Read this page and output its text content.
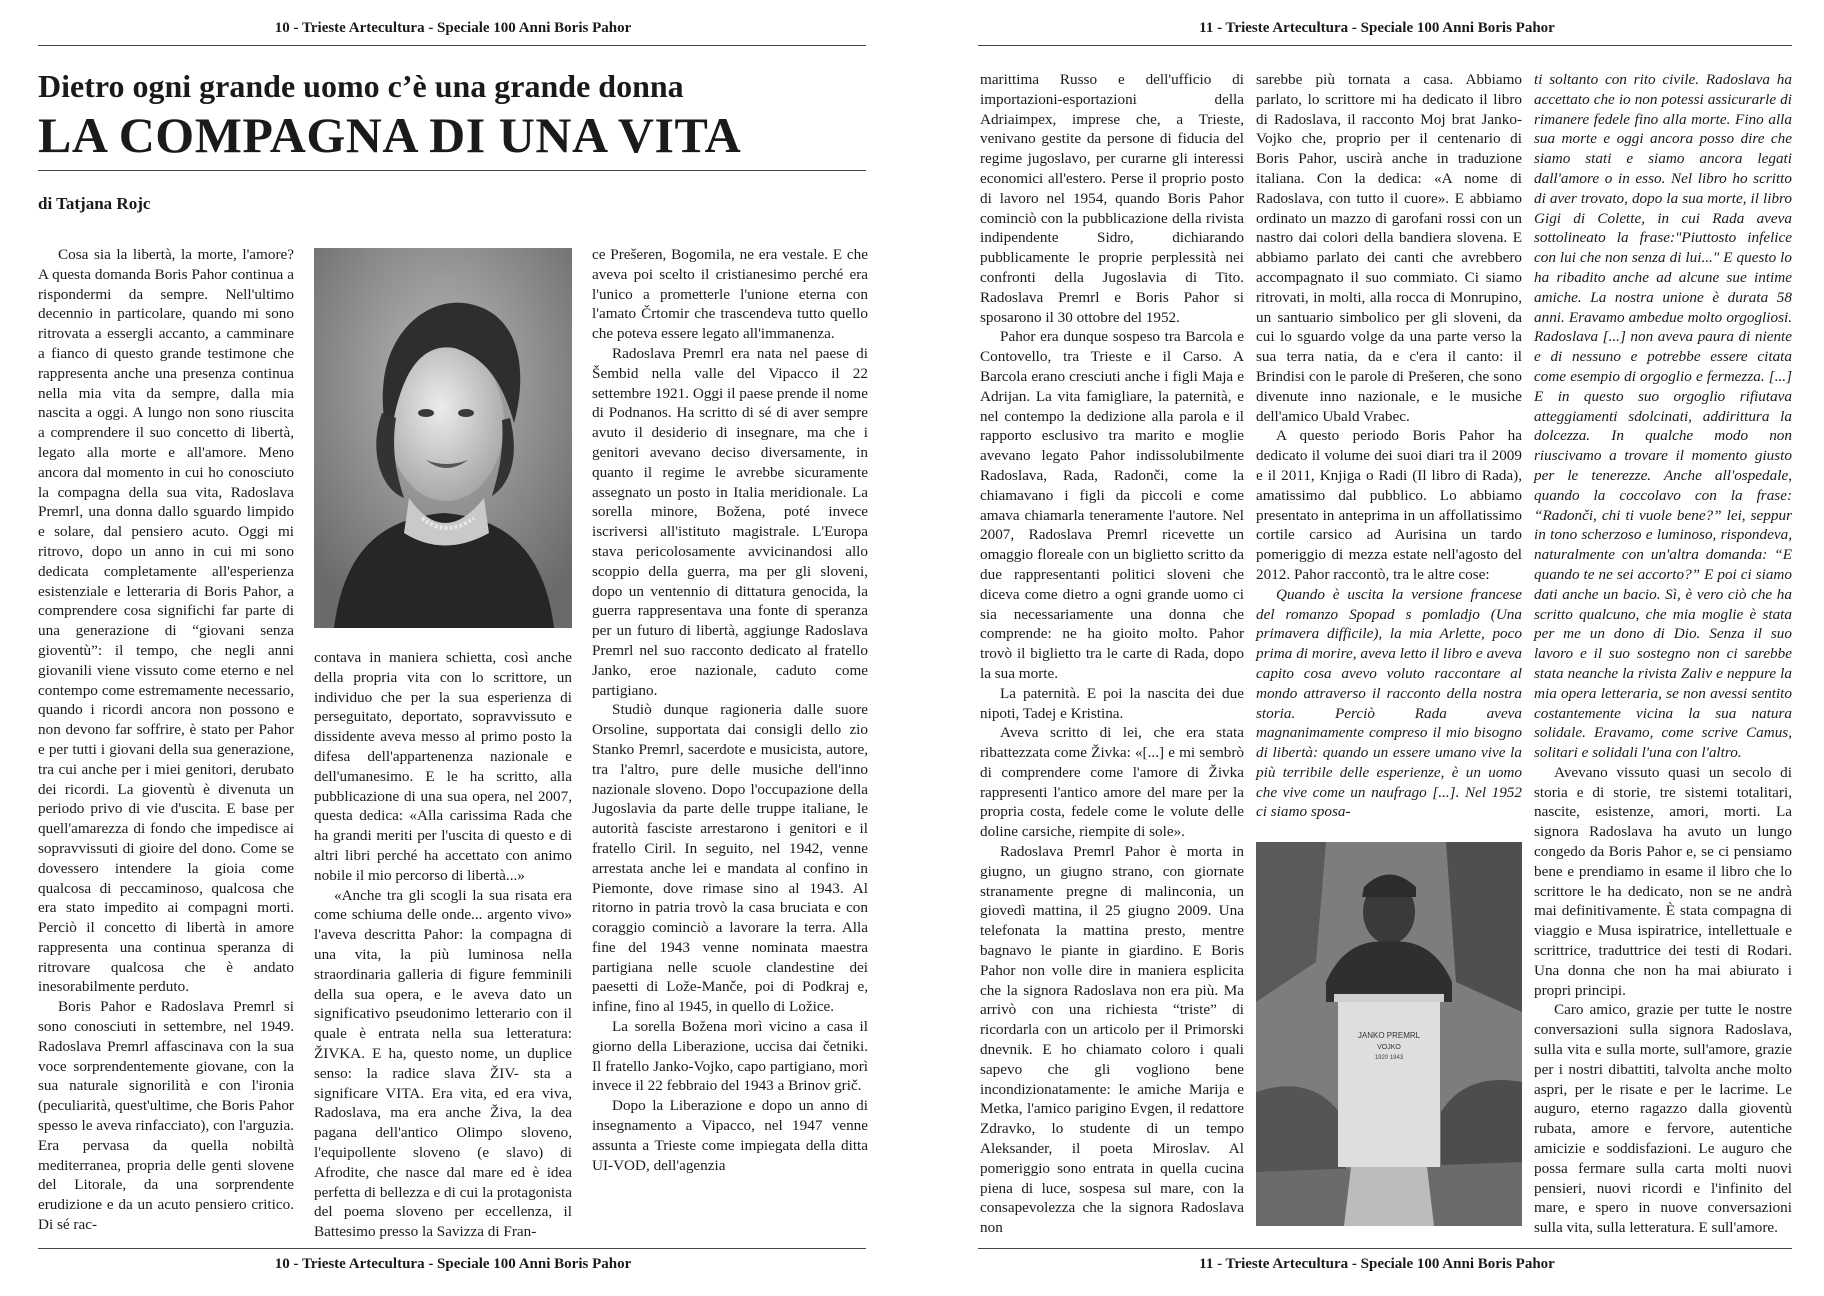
10 - Trieste Artecultura - Speciale 100 Anni Boris Pahor
Dietro ogni grande uomo c’è una grande donna
LA COMPAGNA DI UNA VITA
di Tatjana Rojc

Cosa sia la libertà, la morte, l'amore? A questa domanda Boris Pahor continua a rispondermi da sempre. Nell'ultimo decennio in particolare, quando mi sono ritrovata a essergli accanto, a camminare a fianco di questo grande testimone che rappresenta anche una presenza continua nella mia vita da sempre, dalla mia nascita a oggi. A lungo non sono riuscita a comprendere il suo concetto di libertà, legato alla morte e all'amore. Meno ancora dal momento in cui ho conosciuto la compagna della sua vita, Radoslava Premrl, una donna dallo sguardo limpido e solare, dal pensiero acuto. Oggi mi ritrovo, dopo un anno in cui mi sono dedicata completamente all'esperienza esistenziale e letteraria di Boris Pahor, a comprendere cosa significhi far parte di una generazione di “giovani senza gioventù”: il tempo, che negli anni giovanili viene vissuto come eterno e nel contempo come estremamente necessario, quando i ricordi ancora non possono e non devono far soffrire, è stato per Pahor e per tutti i giovani della sua generazione, tra cui anche per i miei genitori, derubato dei ricordi. La gioventù è divenuta un periodo privo di vie d'uscita. E base per quell'amarezza di fondo che impedisce ai sopravvissuti di gioire del dono. Come se dovessero intendere la gioia come qualcosa di peccaminoso, qualcosa che era stato impedito ai compagni morti. Perciò il concetto di libertà in amore rappresenta una continua speranza di ritrovare qualcosa che è andato inesorabilmente perduto.

Boris Pahor e Radoslava Premrl si sono conosciuti in settembre, nel 1949. Radoslava Premrl affascinava con la sua voce sorprendentemente giovane, con la sua naturale signorilità e con l'ironia (peculiarità, quest'ultime, che Boris Pahor spesso le aveva rinfacciato), con l'arguzia. Era pervasa da quella nobiltà mediterranea, propria delle genti slovene del Litorale, da una sorprendente erudizione e da un acuto pensiero critico. Di sé rac-

contava in maniera schietta, così anche della propria vita con lo scrittore, un individuo che per la sua esperienza di perseguitato, deportato, sopravvissuto e dissidente aveva messo al primo posto la difesa dell'appartenenza nazionale e dell'umanesimo. E le ha scritto, alla pubblicazione di una sua opera, nel 2007, questa dedica: «Alla carissima Rada che ha grandi meriti per l'uscita di questo e di altri libri perché ha accettato con animo nobile il mio percorso di libertà...»

«Anche tra gli scogli la sua risata era come schiuma delle onde... argento vivo» l'aveva descritta Pahor: la compagna di una vita, la più luminosa nella straordinaria galleria di figure femminili della sua opera, e le aveva dato un significativo pseudonimo letterario con il quale è entrata nella sua letteratura: ŽIVKA. E ha, questo nome, un duplice senso: la radice slava ŽIV- sta a significare VITA. Era vita, ed era viva, Radoslava, ma era anche Živa, la dea pagana dell'antico Olimpo sloveno, l'equipollente sloveno (e slavo) di Afrodite, che nasce dal mare ed è idea perfetta di bellezza e di cui la protagonista del poema sloveno per eccellenza, il Battesimo presso la Savizza di Fran-

ce Prešeren, Bogomila, ne era vestale. E che aveva poi scelto il cristianesimo perché era l'unico a prometterle l'unione eterna con l'amato Črtomir che trascendeva tutto quello che poteva essere legato all'immanenza.

Radoslava Premrl era nata nel paese di Šembid nella valle del Vipacco il 22 settembre 1921. Oggi il paese prende il nome di Podnanos. Ha scritto di sé di aver sempre avuto il desiderio di insegnare, ma che i genitori avevano deciso diversamente, in quanto il regime le avrebbe sicuramente assegnato un posto in Italia meridionale. La sorella minore, Božena, poté invece iscriversi all'istituto magistrale. L'Europa stava pericolosamente avvicinandosi allo scoppio della guerra, ma per gli sloveni, dopo un ventennio di dittatura genocida, la guerra rappresentava una fonte di speranza per un futuro di libertà, aggiunge Radoslava Premrl nel suo racconto dedicato al fratello Janko, eroe nazionale, caduto come partigiano.

Studiò dunque ragioneria dalle suore Orsoline, supportata dai consigli dello zio Stanko Premrl, sacerdote e musicista, autore, tra l'altro, pure delle musiche dell'inno nazionale sloveno. Dopo l'occupazione della Jugoslavia da parte delle truppe italiane, le autorità fasciste arrestarono i genitori e il fratello Ciril. In seguito, nel 1942, venne arrestata anche lei e mandata al confino in Piemonte, dove rimase sino al 1943. Al ritorno in patria trovò la casa bruciata e con coraggio cominciò a lavorare la terra. Alla fine del 1943 venne nominata maestra partigiana nelle scuole clandestine dei paesetti di Lože-Manče, poi di Podkraj e, infine, fino al 1945, in quello di Ložice.

La sorella Božena morì vicino a casa il giorno della Liberazione, uccisa dai četniki. Il fratello Janko-Vojko, capo partigiano, morì invece il 22 febbraio del 1943 a Brinov grič.

Dopo la Liberazione e dopo un anno di insegnamento a Vipacco, nel 1947 venne assunta a Trieste come impiegata della ditta UI-VOD, dell'agenzia

10 - Trieste Artecultura - Speciale 100 Anni Boris Pahor
11 - Trieste Artecultura - Speciale 100 Anni Boris Pahor

marittima Russo e dell'ufficio di importazioni-esportazioni della Adriaimpex, imprese che, a Trieste, venivano gestite da persone di fiducia del regime jugoslavo, per curarne gli interessi economici all'estero. Perse il proprio posto di lavoro nel 1954, quando Boris Pahor cominciò con la pubblicazione della rivista indipendente Sidro, dichiarando pubblicamente le proprie perplessità nei confronti della Jugoslavia di Tito. Radoslava Premrl e Boris Pahor si sposarono il 30 ottobre del 1952.

Pahor era dunque sospeso tra Barcola e Contovello, tra Trieste e il Carso. A Barcola erano cresciuti anche i figli Maja e Adrijan. La vita famigliare, la paternità, e nel contempo la dedizione alla parola e il rapporto esclusivo tra marito e moglie avevano legato Pahor indissolubilmente Radoslava, Rada, Radonči, come la chiamavano i figli da piccoli e come amava chiamarla teneramente l'autore. Nel 2007, Radoslava Premrl ricevette un omaggio floreale con un biglietto scritto da due rappresentanti politici sloveni che diceva come dietro a ogni grande uomo ci sia necessariamente una donna che comprende: ne ha gioito molto. Pahor trovò il biglietto tra le carte di Rada, dopo la sua morte.

La paternità. E poi la nascita dei due nipoti, Tadej e Kristina.

Aveva scritto di lei, che era stata ribattezzata come Živka: «[...] e mi sembrò di comprendere come l'amore di Živka rappresenti l'antico amore del mare per la propria costa, fedele come le volute delle doline carsiche, riempite di sole».

Radoslava Premrl Pahor è morta in giugno, un giugno strano, con giornate stranamente pregne di malinconia, un giovedì mattina, il 25 giugno 2009. Una telefonata la mattina presto, mentre bagnavo le piante in giardino. E Boris Pahor non volle dire in maniera esplicita che la signora Radoslava non era più. Ma arrivò con una richiesta “triste” di ricordarla con un articolo per il Primorski dnevnik. E ho chiamato coloro i quali sapevo che gli vogliono bene incondizionatamente: le amiche Marija e Metka, l'amico parigino Evgen, il redattore Zdravko, lo studente di un tempo Aleksander, il poeta Miroslav. Al pomeriggio sono entrata in quella cucina piena di luce, sospesa sul mare, con la consapevolezza che la signora Radoslava non

sarebbe più tornata a casa. Abbiamo parlato, lo scrittore mi ha dedicato il libro di Radoslava, il racconto Moj brat Janko-Vojko che, proprio per il centenario di Boris Pahor, uscirà anche in traduzione italiana. Con la dedica: «A nome di Radoslava, con tutto il cuore». E abbiamo ordinato un mazzo di garofani rossi con un nastro dai colori della bandiera slovena. E abbiamo parlato dei canti che avrebbero accompagnato il suo commiato. Ci siamo ritrovati, in molti, alla rocca di Monrupino, un santuario simbolico per gli sloveni, da cui lo sguardo volge da una parte verso la sua terra natia, da e c'era il canto: il Brindisi con le parole di Prešeren, che sono divenute inno nazionale, e le musiche dell'amico Ubald Vrabec.

A questo periodo Boris Pahor ha dedicato il volume dei suoi diari tra il 2009 e il 2011, Knjiga o Radi (Il libro di Rada), amatissimo dal pubblico. Lo abbiamo presentato in anteprima in un affollatissimo cortile carsico ad Aurisina un tardo pomeriggio di mezza estate nell'agosto del 2012. Pahor raccontò, tra le altre cose:

Quando è uscita la versione francese del romanzo Spopad s pomladjo (Una primavera difficile), la mia Arlette, poco prima di morire, aveva letto il libro e aveva capito cosa avevo voluto raccontare al mondo attraverso il racconto della nostra storia. Perciò Rada aveva magnanimamente compreso il mio bisogno di libertà: quando un essere umano vive la più terribile delle esperienze, è un uomo che vive come un naufrago [...]. Nel 1952 ci siamo sposa-

JANKO PREMRL
VOJKO
1920 1943

ti soltanto con rito civile. Radoslava ha accettato che io non potessi assicurarle di rimanere fedele fino alla morte. Fino alla sua morte e oggi ancora posso dire che siamo stati e siamo ancora legati dall'amore o in esso. Nel libro ho scritto di aver trovato, dopo la sua morte, il libro Gigi di Colette, in cui Rada aveva sottolineato la frase:"Piuttosto infelice con lui che non senza di lui..." E questo lo ha ribadito anche ad alcune sue intime amiche. La nostra unione è durata 58 anni. Eravamo ambedue molto orgogliosi. Radoslava [...] non aveva paura di niente e di nessuno e potrebbe essere citata come esempio di orgoglio e fermezza. [...] E in questo suo orgoglio rifiutava atteggiamenti sdolcinati, addirittura la dolcezza. In qualche modo non riuscivamo a trovare il momento giusto per le tenerezze. Anche all'ospedale, quando la coccolavo con la frase: “Radonči, chi ti vuole bene?” lei, seppur in tono scherzoso e luminoso, rispondeva, naturalmente con un'altra domanda: “E quando te ne sei accorto?” E poi ci siamo dati anche un bacio. Sì, è vero ciò che ha scritto qualcuno, che mia moglie è stata per me un dono di Dio. Senza il suo lavoro e il suo sostegno non ci sarebbe stata neanche la rivista Zaliv e neppure la mia opera letteraria, se non avessi sentito costantemente vicina la sua natura solidale. Eravamo, come scrive Camus, solitari e solidali l'una con l'altro.

Avevano vissuto quasi un secolo di storia e di storie, tre sistemi totalitari, nascite, esistenze, amori, morti. La signora Radoslava ha avuto un lungo congedo da Boris Pahor e, se ci pensiamo bene e prendiamo in esame il libro che lo scrittore le ha dedicato, non se ne andrà mai definitivamente. È stata compagna di viaggio e Musa ispiratrice, intellettuale e scrittrice, traduttrice dei testi di Rodari. Una donna che non ha mai abiurato i propri principi.

Caro amico, grazie per tutte le nostre conversazioni sulla signora Radoslava, sulla vita e sulla morte, sull'amore, grazie per i nostri dibattiti, talvolta anche molto aspri, per le risate e per le lacrime. Le auguro, eterno ragazzo dalla gioventù rubata, amore e fervore, autentiche amicizie e soddisfazioni. Le auguro che possa fermare sulla carta molti nuovi pensieri, nuovi ricordi e l'infinito del mare, e spero in nuove conversazioni sulla vita, sulla letteratura. E sull'amore.

11 - Trieste Artecultura - Speciale 100 Anni Boris Pahor
